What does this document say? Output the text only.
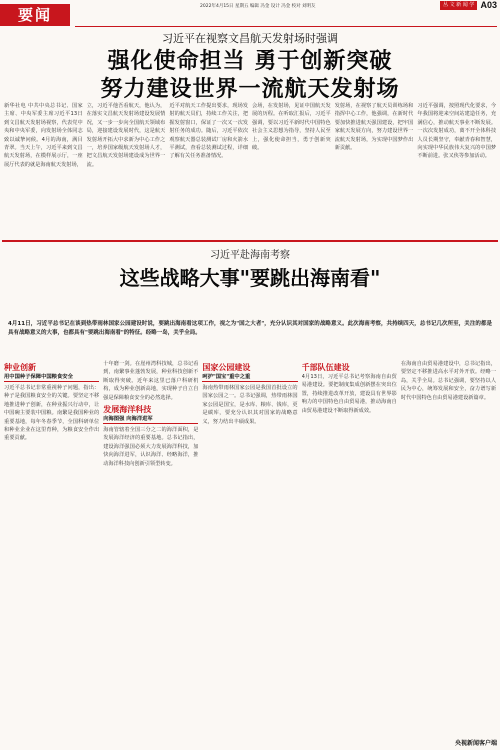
要闻	2022年4月15日 星期五 编辑 冯金 设计 冯金 校对 刘明友	丛 文 新 闻 学 A03
习近平在视察文昌航天发射场时强调
强化使命担当 勇于创新突破
努力建设世界一流航天发射场
新华社电 中共中央总书记、国家主席、中央军委主席习近平13日到文昌航天发射场视察，代表党中央和中央军委，向发射场全体同志致以诚挚问候。4月的海南，满目青翠。当天上午，习近平来到文昌航天发射场，在模样展示厅，一座展厅代表的就是海南航天发射场，
立，习近平他吾看航天，他认为，在落实文昌航天发射场建设发展情况，又一步一步向全国航天领域布局，迎接建设发展时代，这是航天发射场开拓大中求新为中心工作之一，培养国家级航天发射场人才，把文昌航天发射场建设成为世界一流。
近平对航天工作提出要求，现场发射的航天员们，持续工作关注，把握发射窗口，保证了一次又一次发射任务的成功。随后，习近平依次观察航天器总装测试厂房和火箭水平测试，查看总装测试过程，详细了解有关任务准备情况。
会场，在发射场，见证中国航天发展的历程。在听取汇报后，习近平强调，要以习近平新时代中国特色社会主义思想为指导，坚持人民至上，强化使命担当，勇于创新突破。
发射场，在视察了航天员训练场和指挥中心工作，他强调，在新时代要加快推进航天强国建设，把牢国家航天发展方向，努力建设世界一流航天发射场，为实现中国梦作出新贡献。
习近平强调，按照现代化要求，今年我国将迎来空间站建造任务，充满信心，推动航天事业不断发展。一次次发射成功，离不开全体科技人员长期坚守，奉献青春和智慧，向实现中华民族伟大复兴的中国梦不断前进。张又侠等参加活动。
习近平赴海南考察
这些战略大事"要跳出海南看"
4月11日，习近平总书记在谈到热带雨林国家公园建设时说，要跳出海南看这项工作，视之为"国之大者"，充分认识其对国家的战略意义。此次海南考察，共持续四天，总书记几次所至，关注的都是具有战略意义的大事，也都具有"要跳出海南看"的特征。经略一岛，关乎全局。
种业创新
用中国种子保障中国粮食安全
习近平总书记非常重视种子问题，指出：种子是我国粮食安全的关键。要坚定不移地推进种子创新，在种业振兴行动中，让中国碗主要装中国粮。南繁是我国种业的重要基地，每年冬春季节，全国科研单位和种业企业在这里育种，为粮食安全作出重要贡献。
十年磨一剑。在崖州湾科技城，总书记看到，南繁事业蓬勃发展，种业科技创新不断取得突破。近年来这里已落户科研机构，成为种业创新高地，实现种子自立自强是保障粮食安全的必然选择。
发展海洋科技
向海图强 向海洋进军
海南管辖着全国三分之二的海洋面积，是发展海洋经济的重要基地。总书记指出，建设海洋强国必须大力发展海洋科技，加快向海洋进军，认识海洋、经略海洋，推动海洋科技向创新引领型转变。
国家公园建设
呵护"国宝"重中之重
海南热带雨林国家公园是我国首批设立的国家公园之一。总书记强调，热带雨林国家公园是国宝，是水库、粮库、钱库，更是碳库，要充分认识其对国家的战略意义，努力结出丰硕成果。
千部队伍建设
4月13日，习近平总书记考察海南自由贸易港建设。要把制度集成创新摆在突出位置，持续推进改革开放，建设具有世界影响力的中国特色自由贸易港，推动海南自由贸易港建设不断取得新成效。
在海南自由贸易港建设中，总书记指出，要坚定不移推进高水平对外开放。经略一岛，关乎全局。总书记强调，要坚持以人民为中心，统筹发展和安全，奋力谱写新时代中国特色自由贸易港建设新篇章。
央视新闻客户端
